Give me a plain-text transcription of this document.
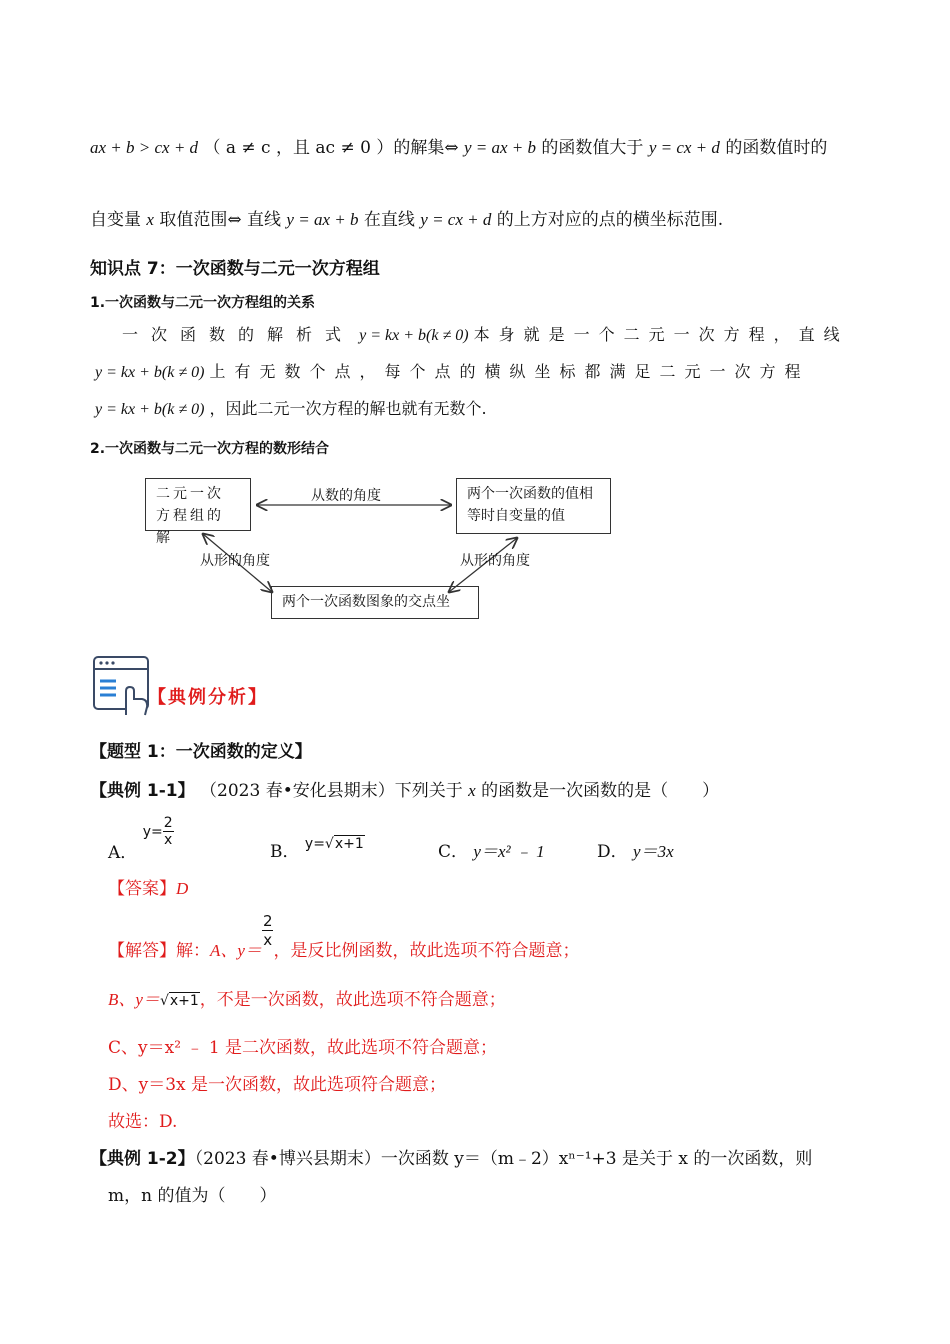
ax + b > cx + d （ a ≠ c ，且 ac ≠ 0 ）的解集⇔ y = ax + b 的函数值大于 y = cx + d 的函数值时的
自变量 x 取值范围⇔ 直线 y = ax + b 在直线 y = cx + d 的上方对应的点的横坐标范围.
知识点 7：一次函数与二元一次方程组
1.一次函数与二元一次方程组的关系
一次函数的解析式 y = kx + b(k ≠ 0) 本身就是一个二元一次方程，直线
y = kx + b(k ≠ 0) 上有无数个点，每个点的横纵坐标都满足二元一次方程
y = kx + b(k ≠ 0) ，因此二元一次方程的解也就有无数个.
2.一次函数与二元一次方程的数形结合
二元一次方程组的解
两个一次函数的值相等时自变量的值
两个一次函数图象的交点坐
从数的角度
从形的角度	从形的角度
【典例分析】
【题型 1：一次函数的定义】
【典例 1-1】 （2023 春•安化县期末）下列关于 x 的函数是一次函数的是（　　）
A． $y= \frac{2}{x}$
B． $^{y=√x+1}$	C． y＝x² ﹣ 1	D． y＝3x
【答案】D
【解答】解：A、y＝
$\frac{2}{x}$
，是反比例函数，故此选项不符合题意；
B、y＝√x+1，不是一次函数，故此选项不符合题意；
C、y＝x² ﹣ 1 是二次函数，故此选项不符合题意；
D、y＝3x 是一次函数，故此选项符合题意；
故选：D.
【典例 1-2】（2023 春•博兴县期末）一次函数 y＝（m﹣2）xⁿ⁻¹+3 是关于 x 的一次函数，则
m，n 的值为（　　）
